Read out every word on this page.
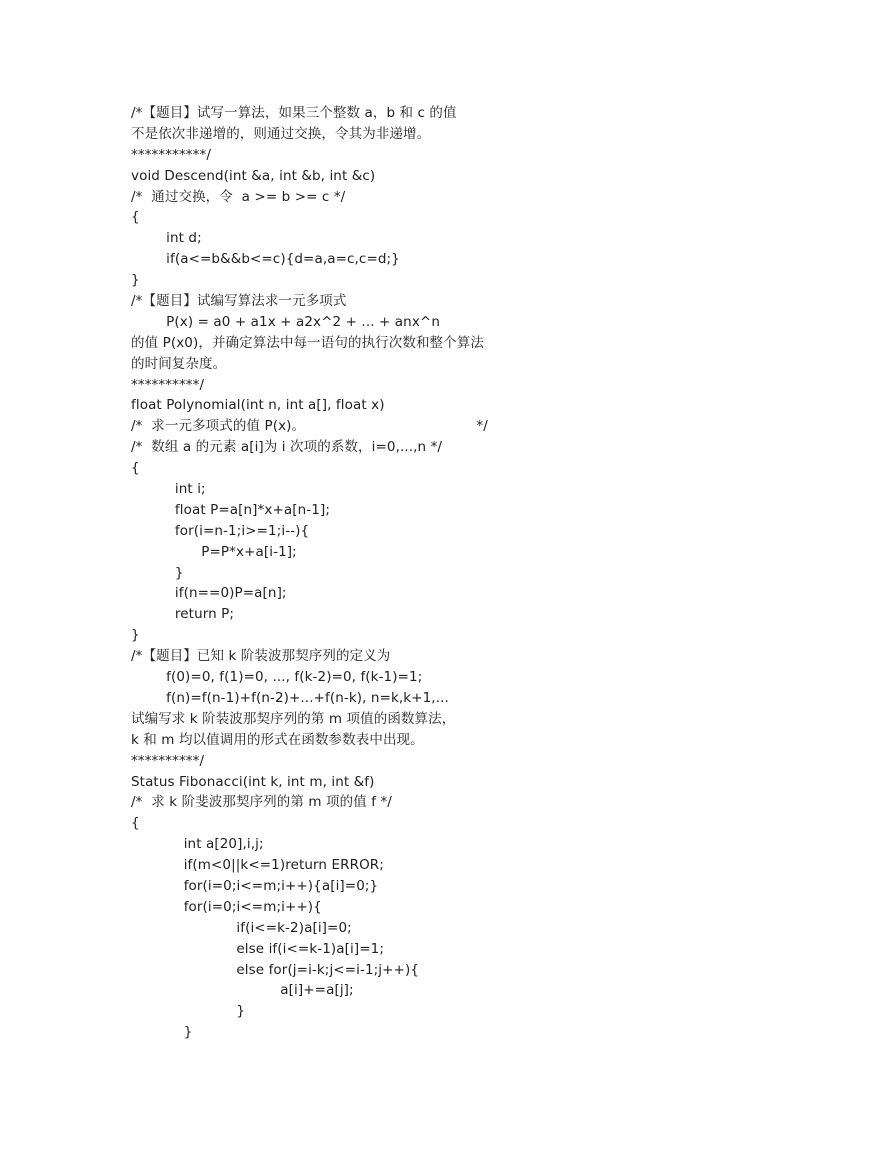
/*【题目】试写一算法，如果三个整数 a，b 和 c 的值
不是依次非递增的，则通过交换，令其为非递增。
***********/
void Descend(int &a, int &b, int &c)
/*  通过交换，令  a >= b >= c */
{
int d;
if(a<=b&&b<=c){d=a,a=c,c=d;}
}
/*【题目】试编写算法求一元多项式
P(x) = a0 + a1x + a2x^2 + ... + anx^n
的值 P(x0)，并确定算法中每一语句的执行次数和整个算法
的时间复杂度。
**********/
float Polynomial(int n, int a[], float x)
/*  求一元多项式的值 P(x)。                                       */
/*  数组 a 的元素 a[i]为 i 次项的系数，i=0,...,n */
{
int i;
float P=a[n]*x+a[n-1];
for(i=n-1;i>=1;i--){
P=P*x+a[i-1];
}
if(n==0)P=a[n];
return P;
}
/*【题目】已知 k 阶装波那契序列的定义为
f(0)=0, f(1)=0, ..., f(k-2)=0, f(k-1)=1;
f(n)=f(n-1)+f(n-2)+...+f(n-k), n=k,k+1,...
试编写求 k 阶装波那契序列的第 m 项值的函数算法，
k 和 m 均以值调用的形式在函数参数表中出现。
**********/
Status Fibonacci(int k, int m, int &f)
/*  求 k 阶斐波那契序列的第 m 项的值 f */
{
int a[20],i,j;
if(m<0||k<=1)return ERROR;
for(i=0;i<=m;i++){a[i]=0;}
for(i=0;i<=m;i++){
if(i<=k-2)a[i]=0;
else if(i<=k-1)a[i]=1;
else for(j=i-k;j<=i-1;j++){
a[i]+=a[j];
}
}
